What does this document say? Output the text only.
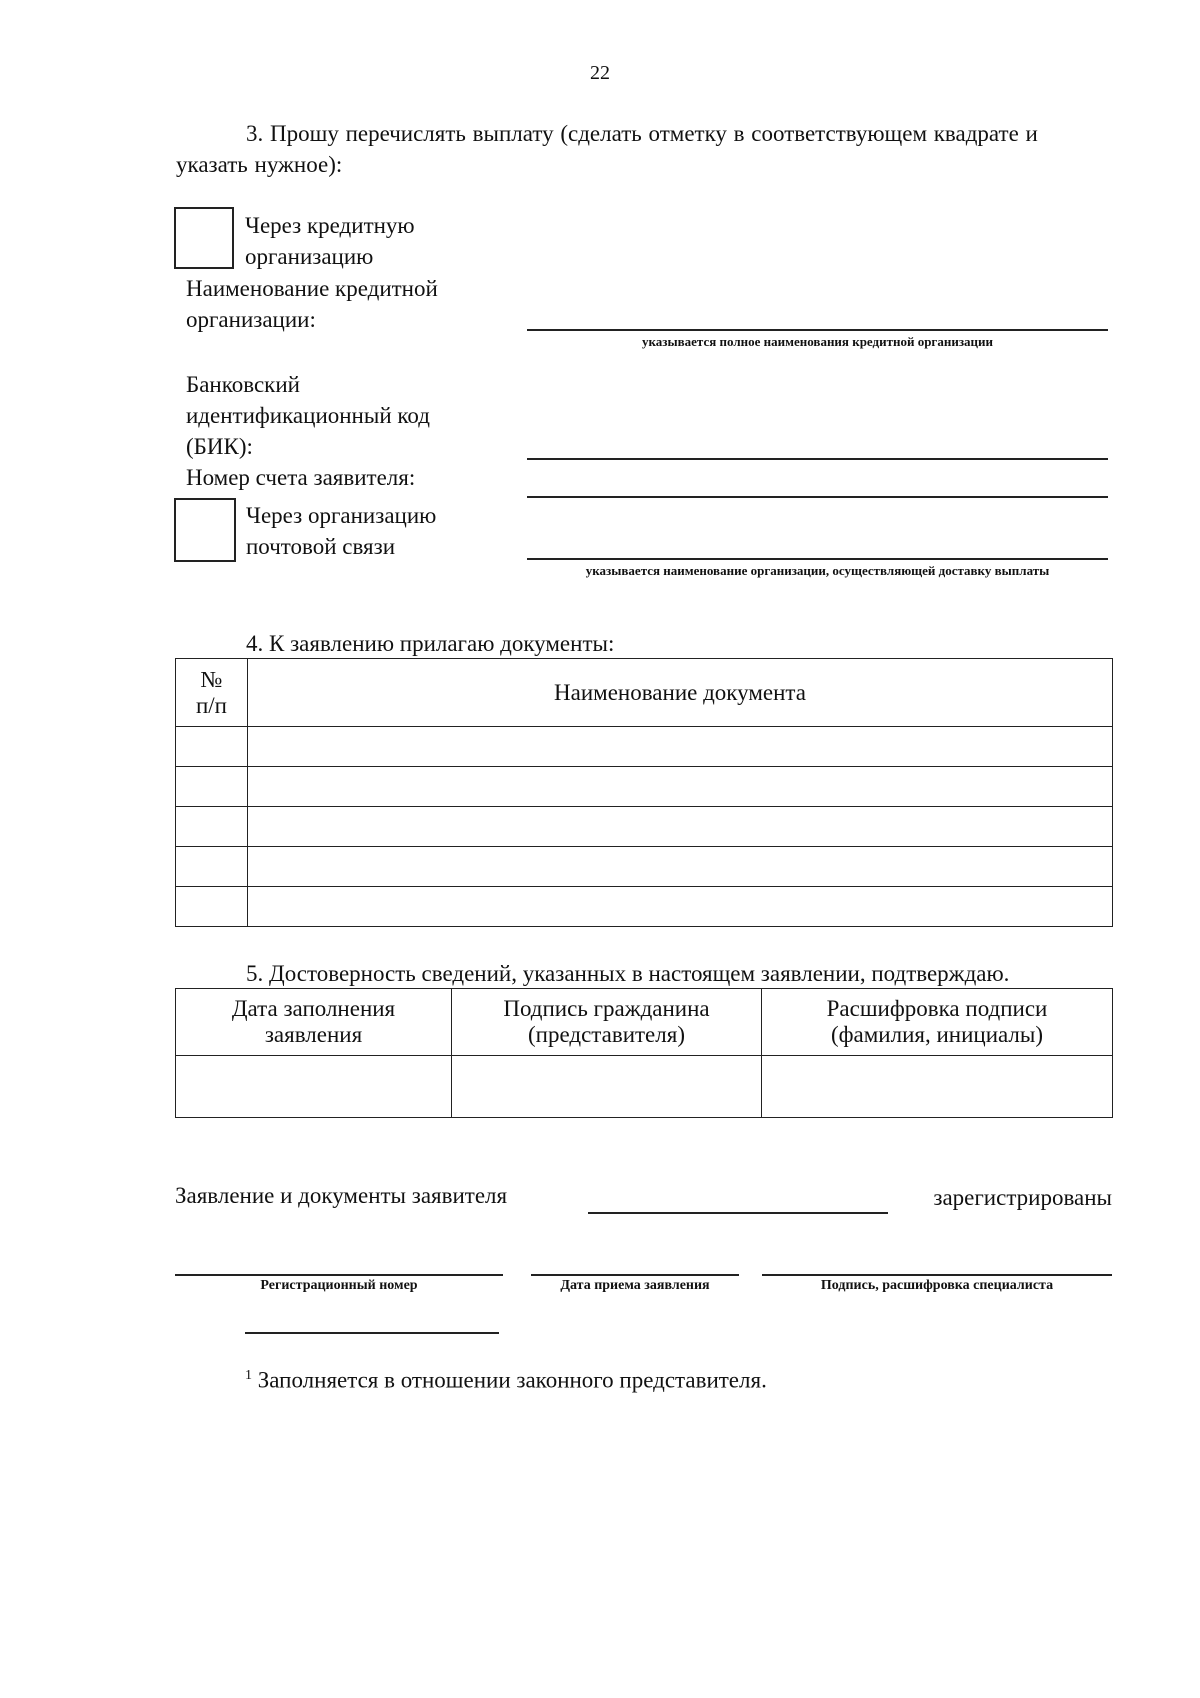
22
3. Прошу перечислять выплату (сделать отметку в соответствующем квадрате и указать нужное):
Через кредитную организацию
Наименование кредитной организации:
указывается полное наименования кредитной организации
Банковский идентификационный код (БИК):
Номер счета заявителя:
Через организацию почтовой связи
указывается наименование организации, осуществляющей доставку выплаты
4. К заявлению прилагаю документы:
№ п/п	Наименование документа

5. Достоверность сведений, указанных в настоящем заявлении, подтверждаю.
Дата заполнения заявления	Подпись гражданина (представителя)	Расшифровка подписи (фамилия, инициалы)

Заявление и документы заявителя	зарегистрированы
Регистрационный номер	Дата приема заявления	Подпись, расшифровка специалиста
$^1$ Заполняется в отношении законного представителя.
